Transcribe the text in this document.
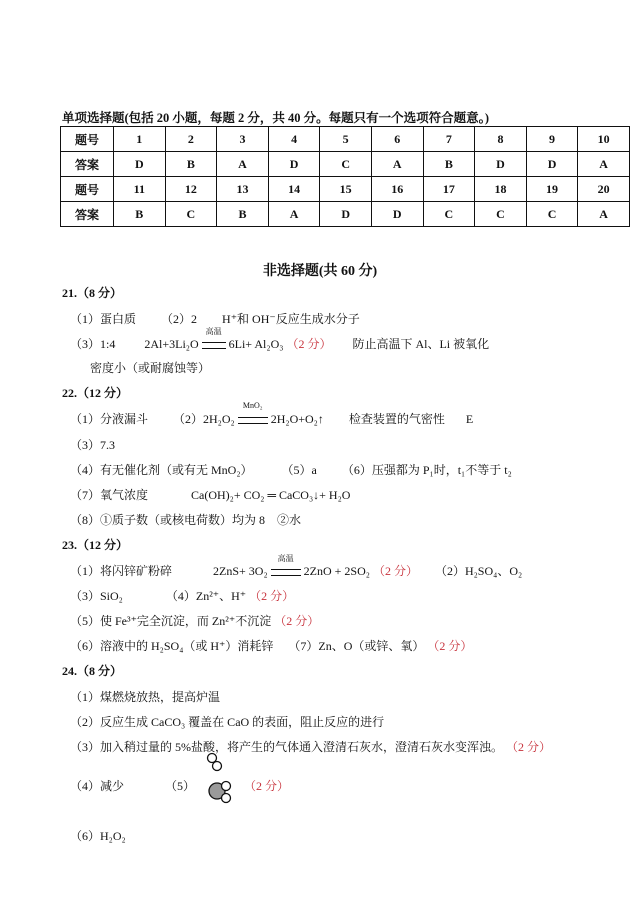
单项选择题(包括 20 小题，每题 2 分，共 40 分。每题只有一个选项符合题意。)
题号	1	2	3	4	5	6	7	8	9	10
答案	D	B	A	D	C	A	B	D	D	A
题号	11	12	13	14	15	16	17	18	19	20
答案	B	C	B	A	D	D	C	C	C	A
非选择题(共 60 分)
21.（8 分）
（1）蛋白质 （2）2 H⁺和 OH⁻反应生成水分子
（3）1:4 2Al+3Li₂O
高温
6Li+ Al₂O₃ （2 分） 防止高温下 Al、Li 被氧化
密度小（或耐腐蚀等）
22.（12 分）
（1）分液漏斗 （2）2H₂O₂
MnO₂
2H₂O+O₂↑ 检查装置的气密性 E
（3）7.3
（4）有无催化剂（或有无 MnO₂） （5）a （6）压强都为 P₁时，t₁不等于 t₂
（7）氧气浓度	Ca(OH)₂+ CO₂ ═ CaCO₃↓+ H₂O
（8）①质子数（或核电荷数）均为 8　②水
23.（12 分）
（1）将闪锌矿粉碎	2ZnS+ 3O₂
高温
2ZnO + 2SO₂ （2 分） （2）H₂SO₄、O₂
（3）SiO₂	（4）Zn²⁺、H⁺ （2 分）
（5）使 Fe³⁺完全沉淀，而 Zn²⁺不沉淀 （2 分）
（6）溶液中的 H₂SO₄（或 H⁺）消耗锌 （7）Zn、O（或锌、氧） （2 分）
24.（8 分）
（1）煤燃烧放热，提高炉温
（2）反应生成 CaCO₃ 覆盖在 CaO 的表面，阻止反应的进行
（3）加入稍过量的 5%盐酸，将产生的气体通入澄清石灰水，澄清石灰水变浑浊。 （2 分）
（4）减少	（5）	（2 分）
（6）H₂O₂
